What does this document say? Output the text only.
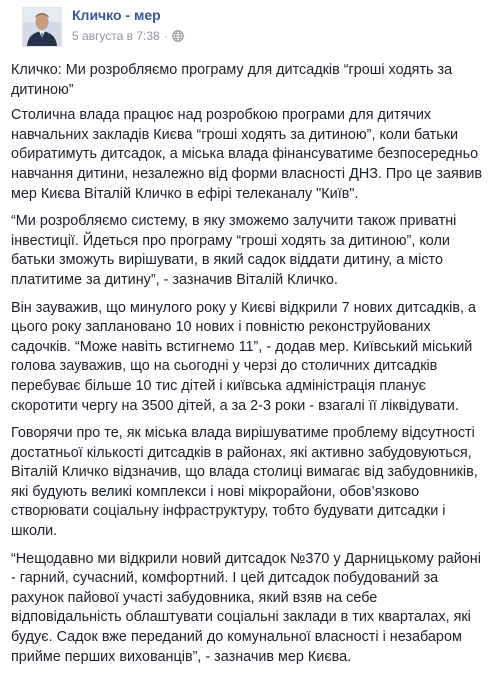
Кличко - мер
5 августа в 7:38 ·

Кличко: Ми розробляємо програму для дитсадків “гроші ходять за дитиною”

Столична влада працює над розробкою програми для дитячих навчальних закладів Києва “гроші ходять за дитиною”, коли батьки обиратимуть дитсадок, а міська влада фінансуватиме безпосередньо навчання дитини, незалежно від форми власності ДНЗ. Про це заявив мер Києва Віталій Кличко в ефірі телеканалу "Київ".

“Ми розробляємо систему, в яку зможемо залучити також приватні інвестиції. Йдеться про програму “гроші ходять за дитиною”, коли батьки зможуть вирішувати, в який садок віддати дитину, а місто платитиме за дитину”, - зазначив Віталій Кличко.

Він зауважив, що минулого року у Києві відкрили 7 нових дитсадків, а цього року заплановано 10 нових і повністю реконструйованих садочків. “Може навіть встигнемо 11”, - додав мер. Київський міський голова зауважив, що на сьогодні у черзі до столичних дитсадків перебуває більше 10 тис дітей і київська адміністрація планує скоротити чергу на 3500 дітей, а за 2-3 роки - взагалі її ліквідувати.

Говорячи про те, як міська влада вирішуватиме проблему відсутності достатньої кількості дитсадків в районах, які активно забудовуються, Віталій Кличко відзначив, що влада столиці вимагає від забудовників, які будують великі комплекси і нові мікрорайони, обов’язково створювати соціальну інфраструктуру, тобто будувати дитсадки і школи.

“Нещодавно ми відкрили новий дитсадок №370 у Дарницькому районі - гарний, сучасний, комфортний. І цей дитсадок побудований за рахунок пайової участі забудовника, який взяв на себе відповідальність облаштувати соціальні заклади в тих кварталах, які будує. Садок вже переданий до комунальної власності і незабаром прийме перших вихованців”, - зазначив мер Києва.
